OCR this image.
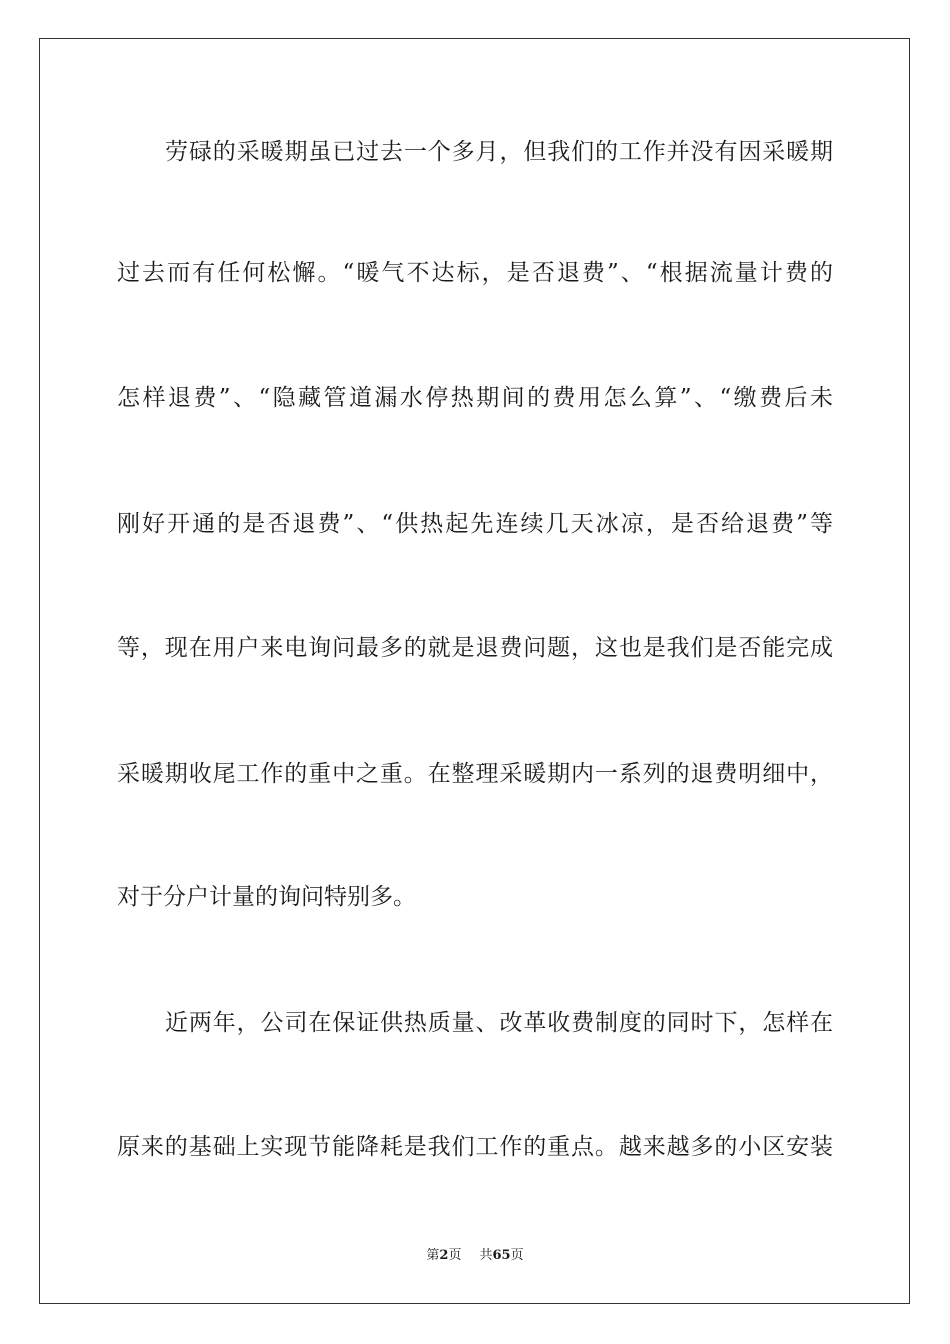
劳碌的采暖期虽已过去一个多月，但我们的工作并没有因采暖期
过去而有任何松懈。“暖气不达标，是否退费”、“根据流量计费的
怎样退费”、“隐藏管道漏水停热期间的费用怎么算”、“缴费后未
刚好开通的是否退费”、“供热起先连续几天冰凉，是否给退费”等
等，现在用户来电询问最多的就是退费问题，这也是我们是否能完成
采暖期收尾工作的重中之重。在整理采暖期内一系列的退费明细中，
对于分户计量的询问特别多。
近两年，公司在保证供热质量、改革收费制度的同时下，怎样在
原来的基础上实现节能降耗是我们工作的重点。越来越多的小区安装
第2页 共65页
